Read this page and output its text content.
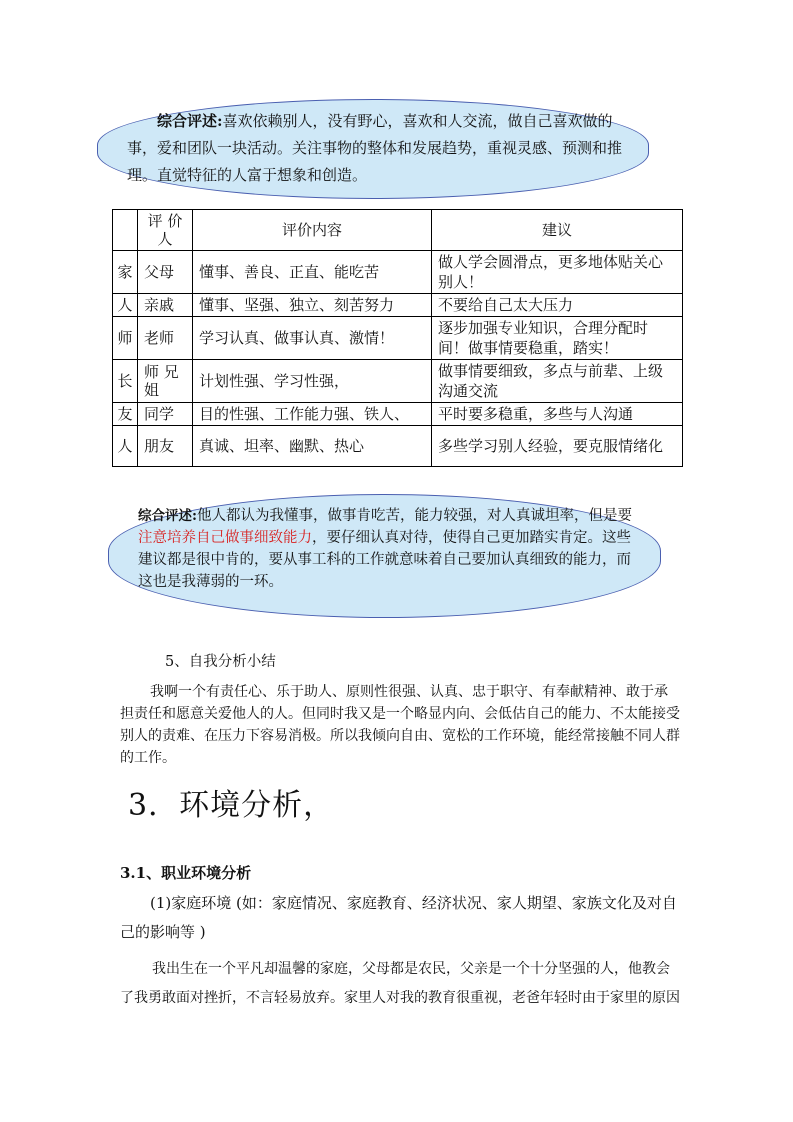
综合评述:喜欢依赖别人，没有野心，喜欢和人交流，做自己喜欢做的事，爱和团队一块活动。关注事物的整体和发展趋势，重视灵感、预测和推理。直觉特征的人富于想象和创造。
	评 价 人	评价内容	建议
家	父母	懂事、善良、正直、能吃苦	做人学会圆滑点，更多地体贴关心别人！
人	亲戚	懂事、坚强、独立、刻苦努力	不要给自己太大压力
师	老师	学习认真、做事认真、激情！	逐步加强专业知识，合理分配时间！做事情要稳重，踏实！
长	师 兄姐	计划性强、学习性强，	做事情要细致，多点与前辈、上级沟通交流
友	同学	目的性强、工作能力强、铁人、	平时要多稳重，多些与人沟通
人	朋友	真诚、坦率、幽默、热心	多些学习别人经验，要克服情绪化
综合评述:他人都认为我懂事，做事肯吃苦，能力较强，对人真诚坦率，但是要注意培养自己做事细致能力，要仔细认真对待，使得自己更加踏实肯定。这些建议都是很中肯的，要从事工科的工作就意味着自己要加认真细致的能力，而这也是我薄弱的一环。
5、自我分析小结
我啊一个有责任心、乐于助人、原则性很强、认真、忠于职守、有奉献精神、敢于承担责任和愿意关爱他人的人。但同时我又是一个略显内向、会低估自己的能力、不太能接受别人的责难、在压力下容易消极。所以我倾向自由、宽松的工作环境，能经常接触不同人群的工作。
3．环境分析，
3.1、职业环境分析
(1)家庭环境 (如：家庭情况、家庭教育、经济状况、家人期望、家族文化及对自己的影响等 )
我出生在一个平凡却温馨的家庭，父母都是农民，父亲是一个十分坚强的人，他教会了我勇敢面对挫折，不言轻易放弃。家里人对我的教育很重视，老爸年轻时由于家里的原因
